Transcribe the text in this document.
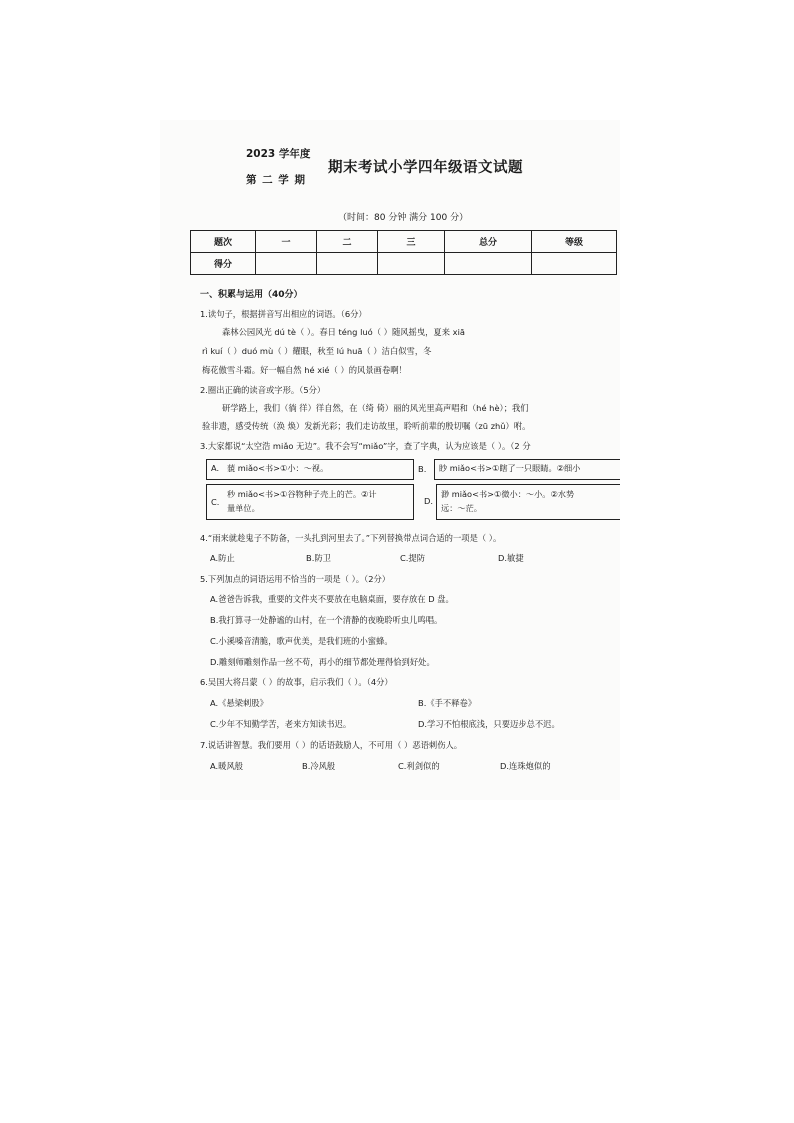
2023 学年度
第 二 学 期
期末考试小学四年级语文试题
（时间：80 分钟 满分 100 分）
题次	一	二	三	总分	等级
得分					
一、积累与运用（40分）
1.读句子，根据拼音写出相应的词语。（6分）
森林公园风光 dú tè（ ）。春日 téng luó（ ）随风摇曳，夏来 xiā
rì kuí（ ）duó mù（ ）耀眼，秋至 lú huā（ ）洁白似雪，冬
梅花傲雪斗霜。好一幅自然 hé xié（ ）的风景画卷啊！
2.圈出正确的读音或字形。（5分）
研学路上，我们（徜 徉）徉自然，在（绮 倚）丽的风光里高声唱和（hé hè）；我们
验非遗，感受传统（涣 焕）发新光彩；我们走访故里，聆听前辈的殷切嘱（zū zhǔ）咐。
3.大家都说“太空浩 miǎo 无边”。我不会写“miǎo”字，查了字典，认为应该是（ ）。（2 分
A. 藐 miǎo<书>①小：～视。	B. 眇 miǎo<书>①瞎了一只眼睛。②细小
C.
秒 miǎo<书>①谷物种子壳上的芒。②计
量单位。
D.
渺 miǎo<书>①微小：～小。②水势
远：～茫。
4.“雨来就趁鬼子不防备，一头扎到河里去了。”下列替换带点词合适的一项是（ ）。
A.防止	B.防卫	C.提防	D.敏捷
5.下列加点的词语运用不恰当的一项是（ ）。（2分）
A.爸爸告诉我，重要的文件夹不要放在电脑桌面，要存放在 D 盘。
B.我打算寻一处静谧的山村，在一个清静的夜晚聆听虫儿鸣唱。
C.小溪嗓音清脆，歌声优美，是我们班的小蜜蜂。
D.雕刻师雕刻作品一丝不苟，再小的细节都处理得恰到好处。
6.吴国大将吕蒙（ ）的故事，启示我们（ ）。（4分）
A.《悬梁刺股》	B.《手不释卷》
C.少年不知勤学苦，老来方知读书迟。	D.学习不怕根底浅，只要迈步总不迟。
7.说话讲智慧。我们要用（ ）的话语鼓励人，不可用（ ）恶语刺伤人。
A.暖风般	B.冷风般	C.利剑似的	D.连珠炮似的
